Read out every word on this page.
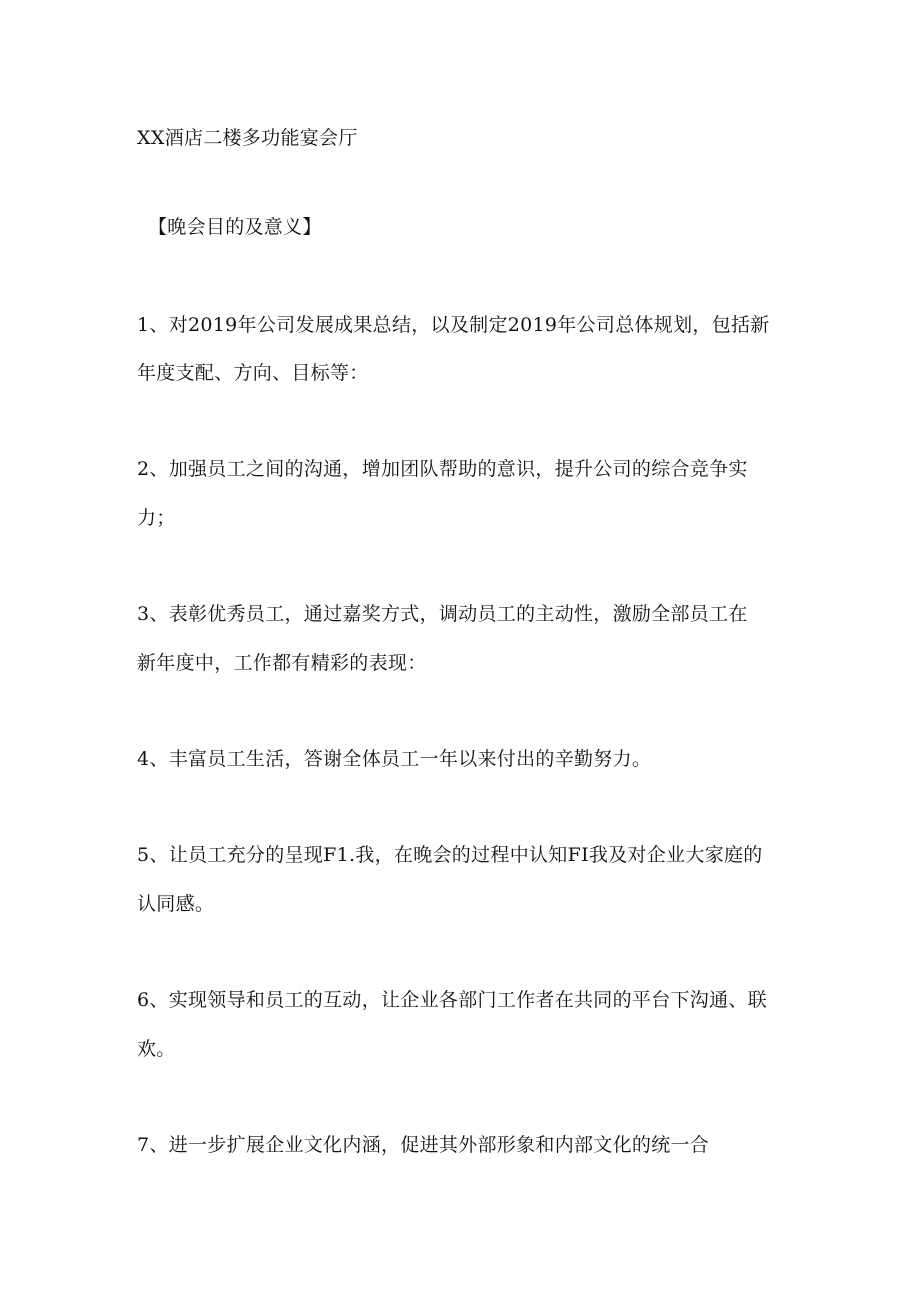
XX酒店二楼多功能宴会厅
【晚会目的及意义】
1、对2019年公司发展成果总结，以及制定2019年公司总体规划，包括新
年度支配、方向、目标等：
2、加强员工之间的沟通，增加团队帮助的意识，提升公司的综合竞争实
力；
3、表彰优秀员工，通过嘉奖方式，调动员工的主动性，激励全部员工在
新年度中，工作都有精彩的表现：
4、丰富员工生活，答谢全体员工一年以来付出的辛勤努力。
5、让员工充分的呈现F1.我，在晚会的过程中认知FI我及对企业大家庭的
认同感。
6、实现领导和员工的互动，让企业各部门工作者在共同的平台下沟通、联
欢。
7、进一步扩展企业文化内涵，促进其外部形象和内部文化的统一合
